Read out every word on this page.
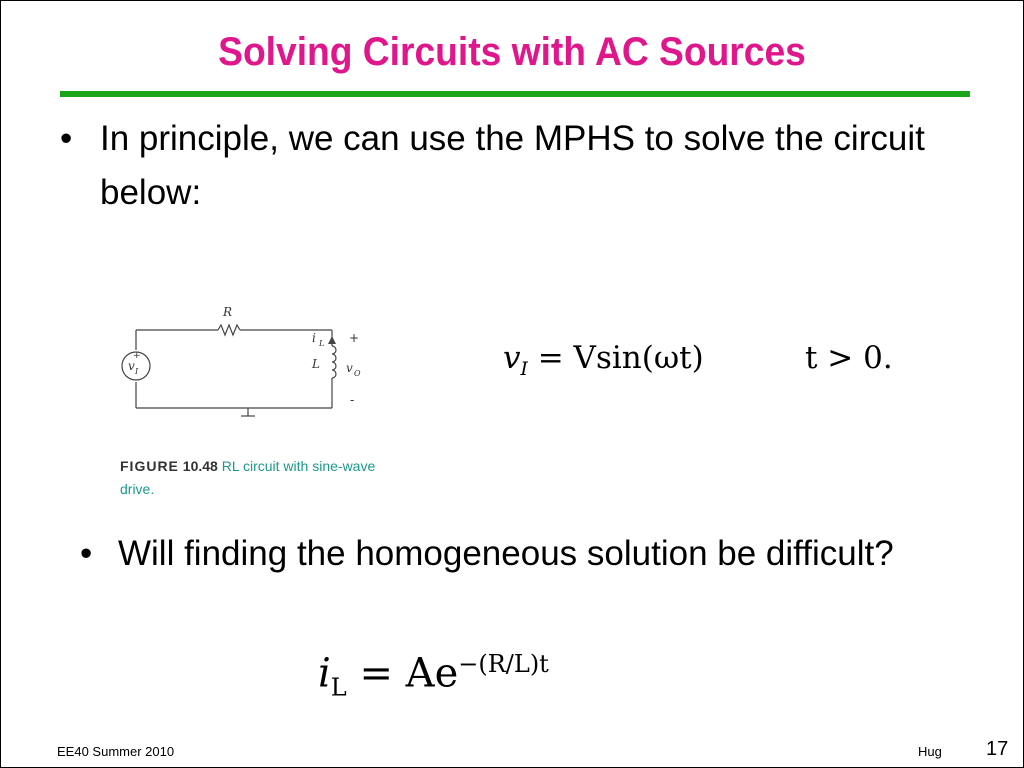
Solving Circuits with AC Sources
• In principle, we can use the MPHS to solve the circuit below:
R
i L
L v O
v I
+
-
+
FIGURE 10.48 RL circuit with sine-wave drive.
$v_I = Vsin(\omega t)$	t > 0.
• Will finding the homogeneous solution be difficult?
$i_L = Ae^{-(R/L)t}$
EE40 Summer 2010	Hug 17
